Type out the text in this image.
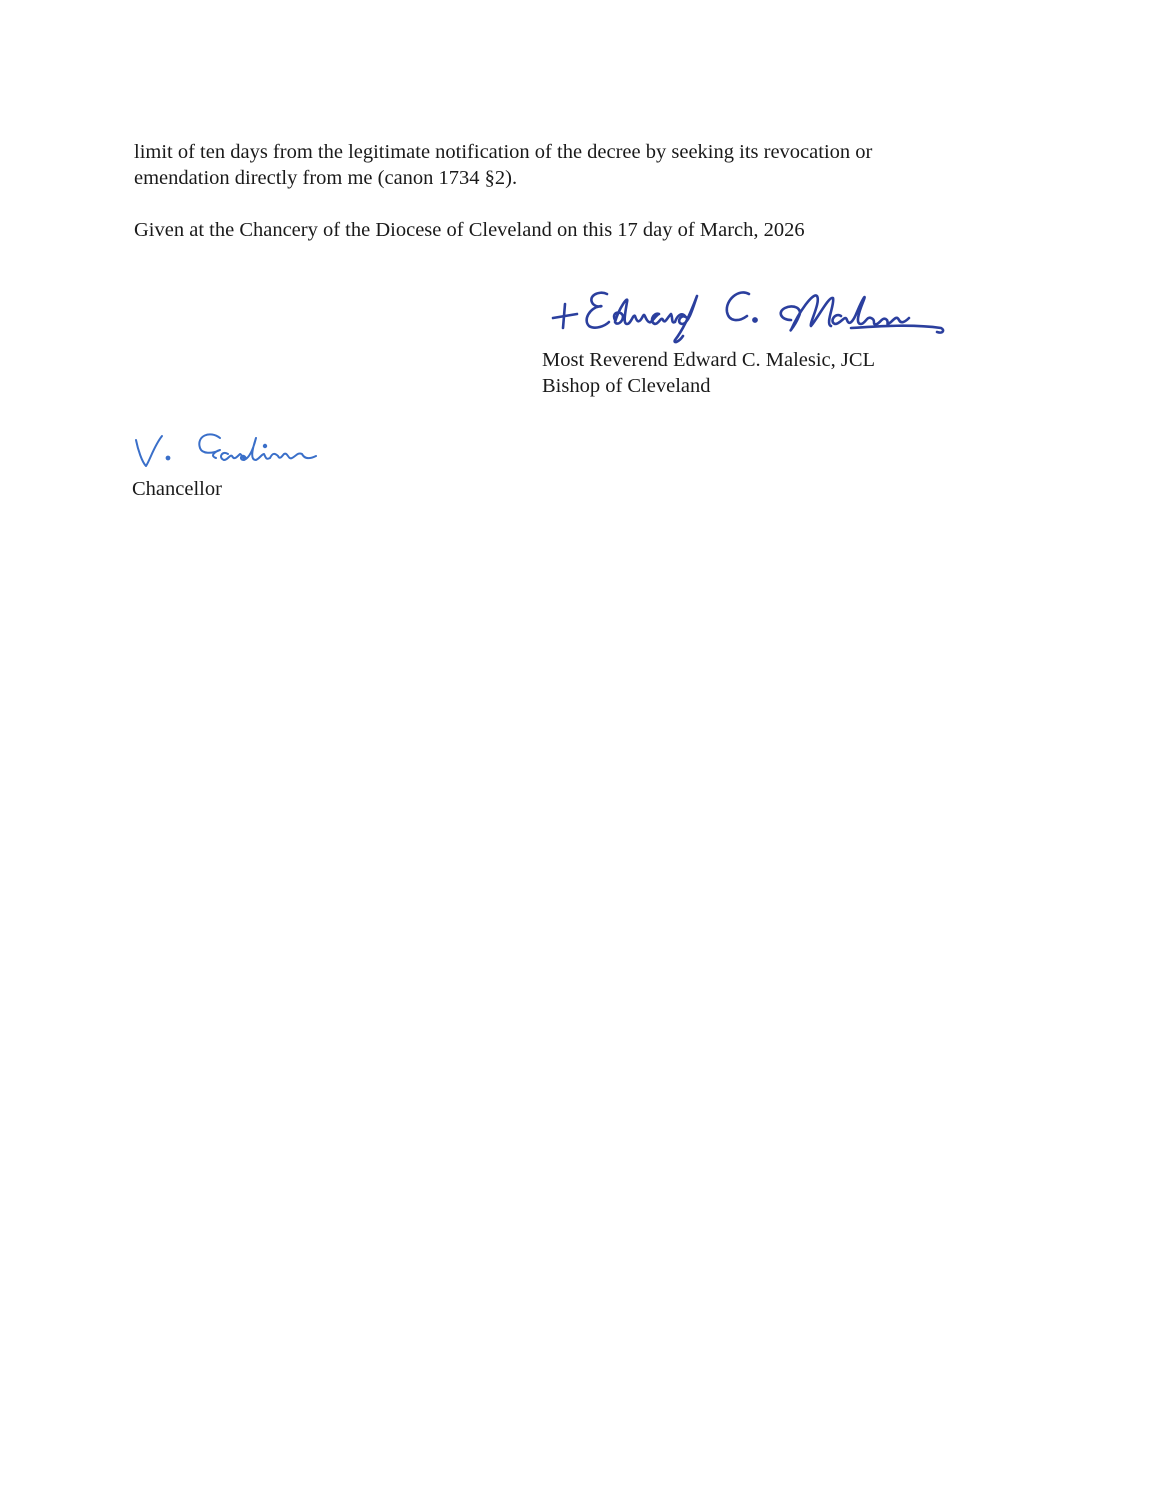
limit of ten days from the legitimate notification of the decree by seeking its revocation or
emendation directly from me (canon 1734 §2).
Given at the Chancery of the Diocese of Cleveland on this 17 day of March, 2026
Most Reverend Edward C. Malesic, JCL
Bishop of Cleveland
Chancellor
